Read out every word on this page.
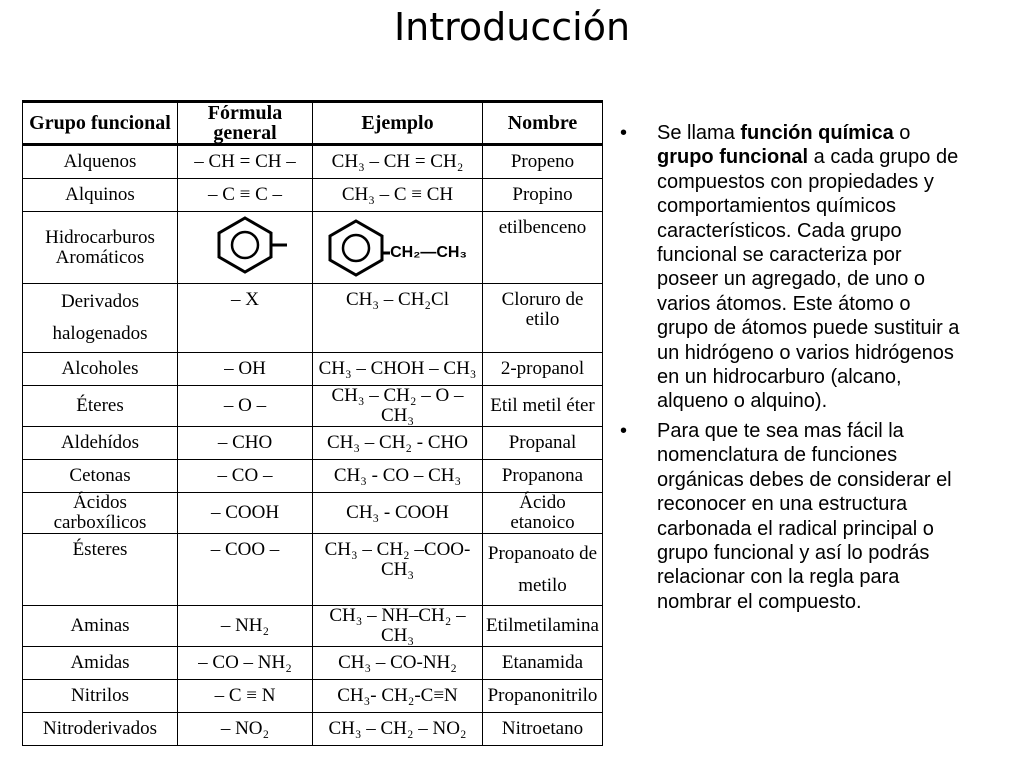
Introducción
Grupo funcional	Fórmula general	Ejemplo	Nombre
Alquenos	– CH = CH –	CH₃ – CH = CH₂	Propeno
Alquinos	– C ≡ C –	CH₃ – C ≡ CH	Propino
Hidrocarburos Aromáticos		CH₂—CH₃	etilbenceno
Derivados halogenados	– X	CH₃ – CH₂Cl	Cloruro de etilo
Alcoholes	– OH	CH₃ – CHOH – CH₃	2-propanol
Éteres	– O –	CH₃ – CH₂ – O – CH₃	Etil metil éter
Aldehídos	– CHO	CH₃ – CH₂ - CHO	Propanal
Cetonas	– CO –	CH₃ - CO – CH₃	Propanona
Ácidos carboxílicos	– COOH	CH₃ - COOH	Ácido etanoico
Ésteres	– COO –	CH₃ – CH₂ –COO-CH₃	Propanoato de metilo
Aminas	– NH₂	CH₃ – NH–CH₂ – CH₃	Etilmetilamina
Amidas	– CO – NH₂	CH₃ – CO-NH₂	Etanamida
Nitrilos	– C ≡ N	CH₃- CH₂-C≡N	Propanonitrilo
Nitroderivados	– NO₂	CH₃ – CH₂ – NO₂	Nitroetano
• Se llama función química o grupo funcional a cada grupo de compuestos con propiedades y comportamientos químicos característicos. Cada grupo funcional se caracteriza por poseer un agregado, de uno o varios átomos. Este átomo o grupo de átomos puede sustituir a un hidrógeno o varios hidrógenos en un hidrocarburo (alcano, alqueno o alquino).
• Para que te sea mas fácil la nomenclatura de funciones orgánicas debes de considerar el reconocer en una estructura carbonada el radical principal o grupo funcional y así lo podrás relacionar con la regla para nombrar el compuesto.
